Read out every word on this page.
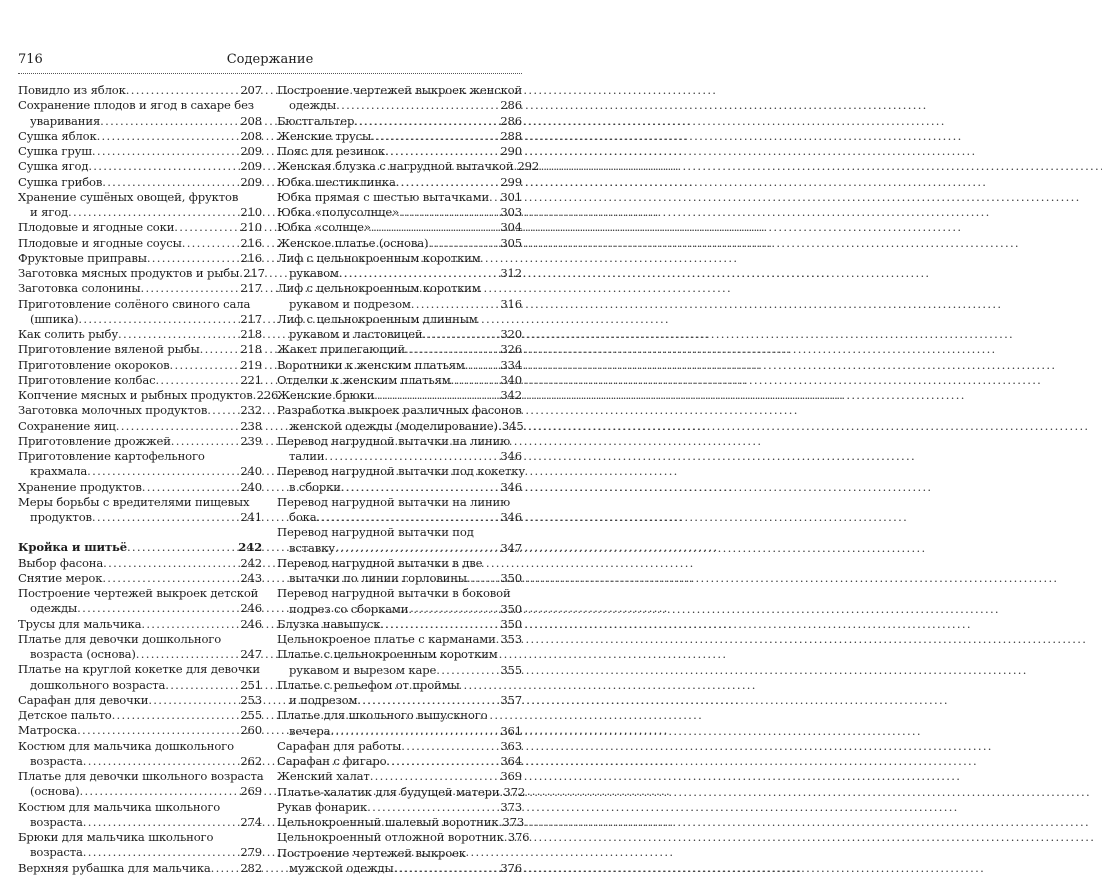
716	Содержание
Повидло из яблок . . .	207
Сохранение плодов и ягод в сахаре без
уваривания . . .	208
Сушка яблок . . .	208
Сушка груш . . .	209
Сушка ягод . . .	209
Сушка грибов . . .	209
Хранение сушёных овощей, фруктов
и ягод . . .	210
Плодовые и ягодные соки . . .	210
Плодовые и ягодные соусы . . .	216
Фруктовые приправы . . .	216
Заготовка мясных продуктов и рыбы . . . 217
Заготовка солонины . . .	217
Приготовление солёного свиного сала
(шпика) . . .	217
Как солить рыбу . . .	218
Приготовление вяленой рыбы . . .	218
Приготовление окороков . . .	219
Приготовление колбас . . .	221
Копчение мясных и рыбных продуктов . . . 226
Заготовка молочных продуктов . . .	232
Сохранение яиц . . .	238
Приготовление дрожжей . . .	239
Приготовление картофельного
крахмала . . .	240
Хранение продуктов . . .	240
Меры борьбы с вредителями пищевых
продуктов . . .	241
Кройка и шитьё . . .	242
Выбор фасона . . .	242
Снятие мерок . . .	243
Построение чертежей выкроек детской
одежды . . .	246
Трусы для мальчика . . .	246
Платье для девочки дошкольного
возраста (основа) . . .	247
Платье на круглой кокетке для девочки
дошкольного возраста . . .	251
Сарафан для девочки . . .	253
Детское пальто . . .	255
Матроска . . .	260
Костюм для мальчика дошкольного
возраста . . .	262
Платье для девочки школьного возраста
(основа) . . .	269
Костюм для мальчика школьного
возраста . . .	274
Брюки для мальчика школьного
возраста . . .	279
Верхняя рубашка для мальчика . . .	282
Построение чертежей выкроек женской
одежды . . .	286
Бюстгальтер . . .	286
Женские трусы . . .	288
Пояс для резинок . . .	290
Женская блузка с нагрудной вытачкой . . . 292
Юбка шестиклинка . . .	299
Юбка прямая с шестью вытачками . . . 301
Юбка «полусолнце» . . .	303
Юбка «солнце» . . .	304
Женское платье (основа) . . .	305
Лиф с цельнокроенным коротким
рукавом . . .	312
Лиф с цельнокроенным коротким
рукавом и подрезом . . .	316
Лиф с цельнокроенным длинным
рукавом и ластовицей . . .	320
Жакет прилегающий . . .	326
Воротники к женским платьям . . .	334
Отделки к женским платьям . . .	340
Женские брюки . . .	342
Разработка выкроек различных фасонов
женской одежды (моделирование) . . . 345
Перевод нагрудной вытачки на линию
талии . . .	346
Перевод нагрудной вытачки под кокетку
в сборки . . .	346
Перевод нагрудной вытачки на линию
бока . . .	346
Перевод нагрудной вытачки под
вставку . . .	347
Перевод нагрудной вытачки в две
вытачки по линии горловины . . .	350
Перевод нагрудной вытачки в боковой
подрез со сборками . . .	350
Блузка навыпуск . . .	350
Цельнокроеное платье с карманами . . . 353
Платье с цельнокроенным коротким
рукавом и вырезом каре . . .	355
Платье с рельефом от проймы
и подрезом . . .	357
Платье для школьного выпускного
вечера . . .	361
Сарафан для работы . . .	363
Сарафан с фигаро . . .	364
Женский халат . . .	369
Платье-халатик для будущей матери . . . 372
Рукав фонарик . . .	373
Цельнокроенный шалевый воротник . . . 373
Цельнокроенный отложной воротник . . . 376
Построение чертежей выкроек
мужской одежды . . .	376
